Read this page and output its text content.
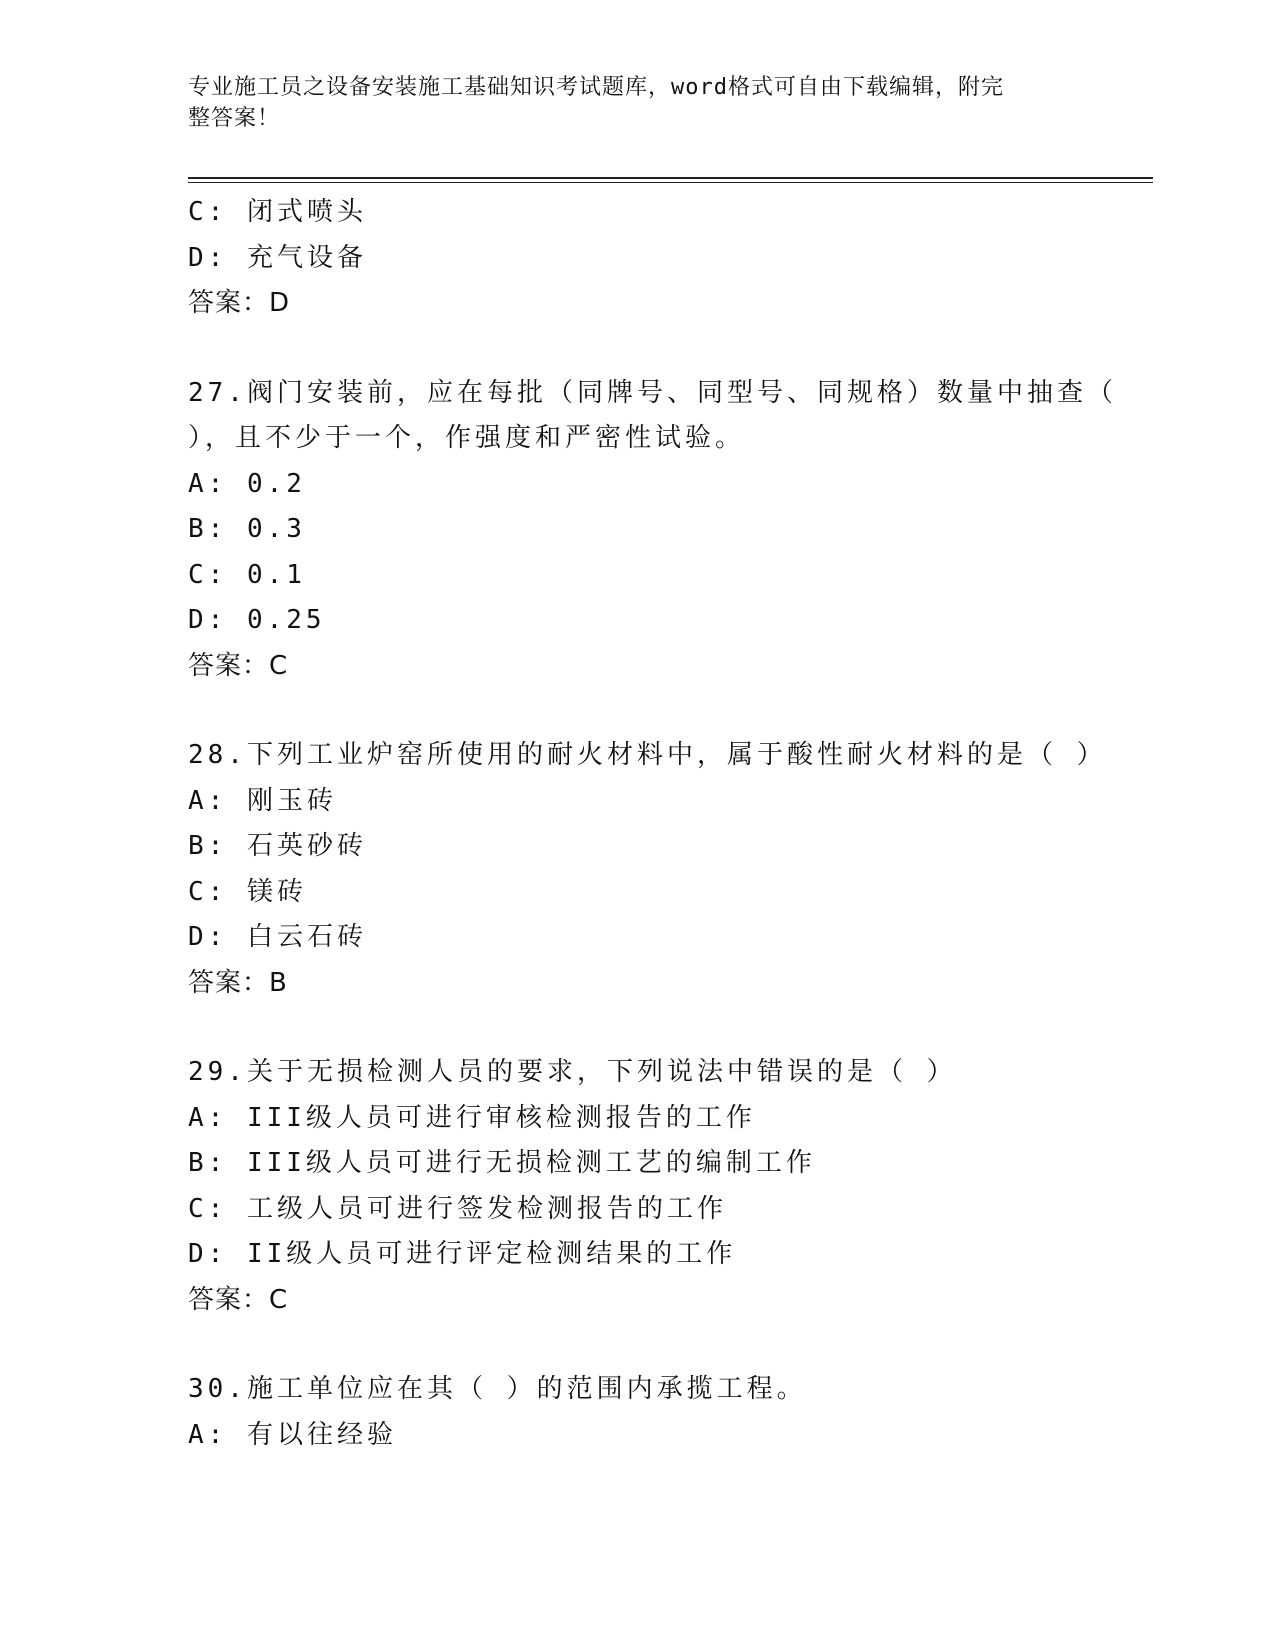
专业施工员之设备安装施工基础知识考试题库，word格式可自由下载编辑，附完
整答案！
C: 闭式喷头
D: 充气设备
答案：D
27.阀门安装前，应在每批（同牌号、同型号、同规格）数量中抽查（
），且不少于一个，作强度和严密性试验。
A: 0.2
B: 0.3
C: 0.1
D: 0.25
答案：C
28.下列工业炉窑所使用的耐火材料中，属于酸性耐火材料的是（ ）
A: 刚玉砖
B: 石英砂砖
C: 镁砖
D: 白云石砖
答案：B
29.关于无损检测人员的要求，下列说法中错误的是（ ）
A: III级人员可进行审核检测报告的工作
B: III级人员可进行无损检测工艺的编制工作
C: 工级人员可进行签发检测报告的工作
D: II级人员可进行评定检测结果的工作
答案：C
30.施工单位应在其（ ）的范围内承揽工程。
A: 有以往经验
